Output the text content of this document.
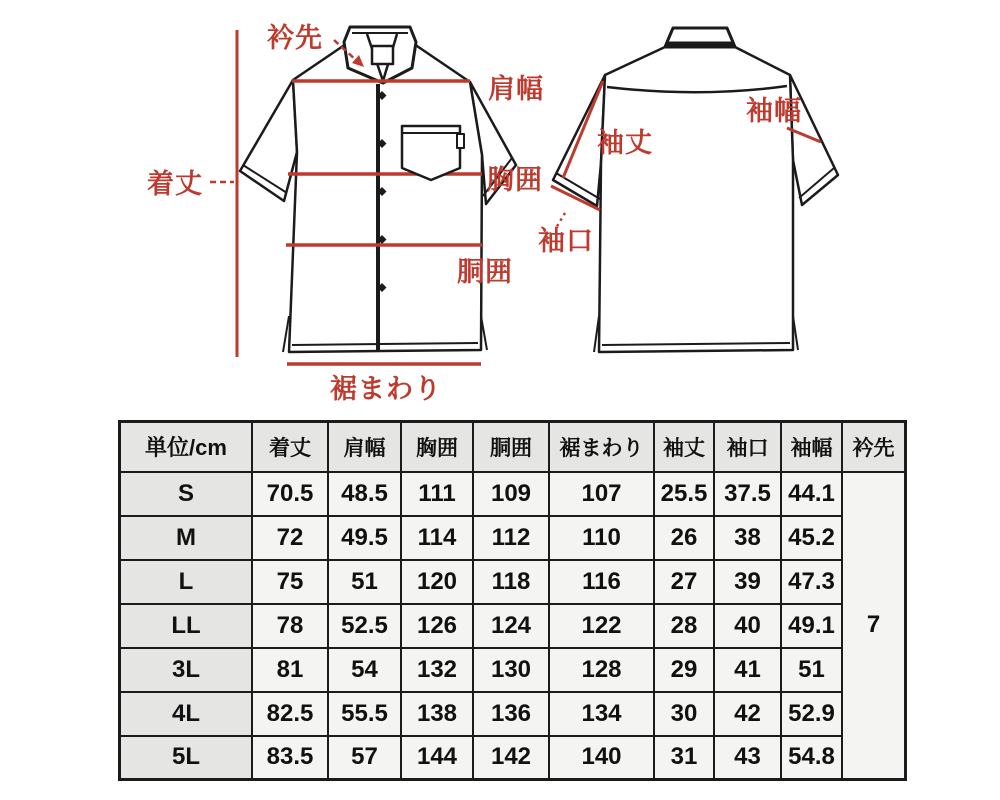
衿先
肩幅
着丈	胸囲
胴囲
裾まわり
袖丈
袖口
袖幅
単位/cm	着丈	肩幅	胸囲	胴囲	裾まわり	袖丈	袖口	袖幅	衿先
S	70.5	48.5	111	109	107	25.5	37.5	44.1	7
M	72	49.5	114	112	110	26	38	45.2	
L	75	51	120	118	116	27	39	47.3	
LL	78	52.5	126	124	122	28	40	49.1	
3L	81	54	132	130	128	29	41	51	
4L	82.5	55.5	138	136	134	30	42	52.9	
5L	83.5	57	144	142	140	31	43	54.8	
